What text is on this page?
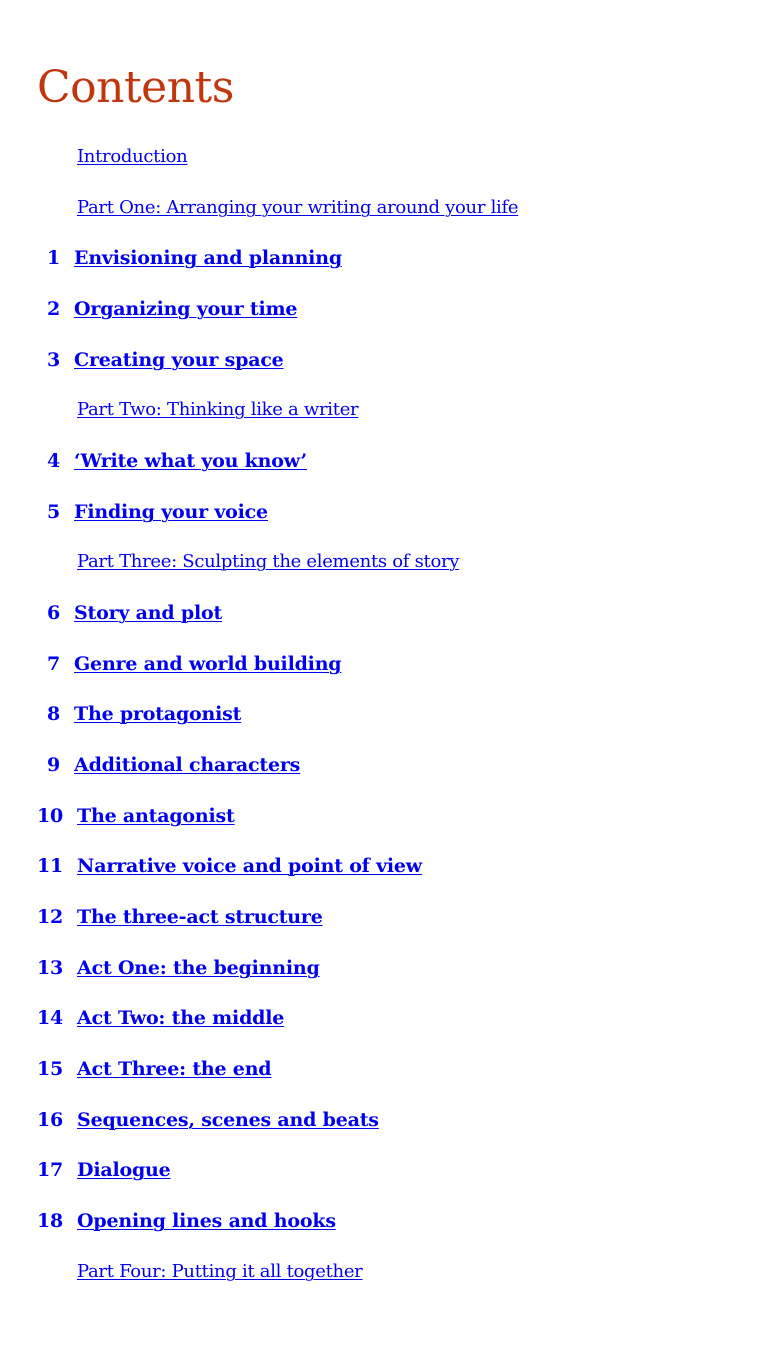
Contents
Introduction
Part One: Arranging your writing around your life
1 Envisioning and planning
2 Organizing your time
3 Creating your space
Part Two: Thinking like a writer
4 ‘Write what you know’
5 Finding your voice
Part Three: Sculpting the elements of story
6 Story and plot
7 Genre and world building
8 The protagonist
9 Additional characters
10 The antagonist
11 Narrative voice and point of view
12 The three-act structure
13 Act One: the beginning
14 Act Two: the middle
15 Act Three: the end
16 Sequences, scenes and beats
17 Dialogue
18 Opening lines and hooks
Part Four: Putting it all together
